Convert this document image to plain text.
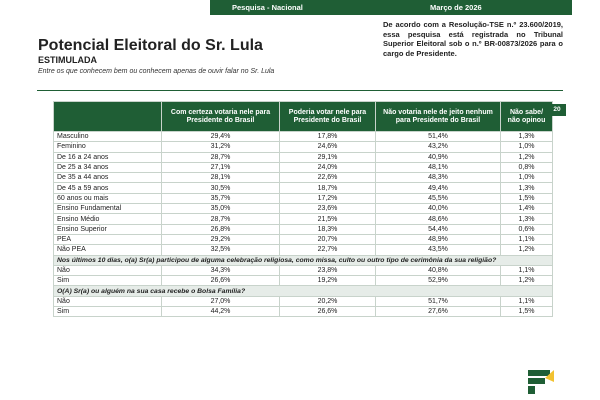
Pesquisa - Nacional	Março de 2026
De acordo com a Resolução-TSE n.º 23.600/2019, essa pesquisa está registrada no Tribunal Superior Eleitoral sob o n.º BR-00873/2026 para o cargo de Presidente.
Potencial Eleitoral do Sr. Lula
ESTIMULADA
Entre os que conhecem bem ou conhecem apenas de ouvir falar no Sr. Lula
	Com certeza votaria nele para Presidente do Brasil	Poderia votar nele para Presidente do Brasil	Não votaria nele de jeito nenhum para Presidente do Brasil	Não sabe/ não opinou
Masculino	29,4%	17,8%	51,4%	1,3%
Feminino	31,2%	24,6%	43,2%	1,0%
De 16 a 24 anos	28,7%	29,1%	40,9%	1,2%
De 25 a 34 anos	27,1%	24,0%	48,1%	0,8%
De 35 a 44 anos	28,1%	22,6%	48,3%	1,0%
De 45 a 59 anos	30,5%	18,7%	49,4%	1,3%
60 anos ou mais	35,7%	17,2%	45,5%	1,5%
Ensino Fundamental	35,0%	23,6%	40,0%	1,4%
Ensino Médio	28,7%	21,5%	48,6%	1,3%
Ensino Superior	26,8%	18,3%	54,4%	0,6%
PEA	29,2%	20,7%	48,9%	1,1%
Não PEA	32,5%	22,7%	43,5%	1,2%
Nos últimos 10 dias, o(a) Sr(a) participou de alguma celebração religiosa, como missa, culto ou outro tipo de cerimônia da sua religião?				
Não	34,3%	23,8%	40,8%	1,1%
Sim	26,6%	19,2%	52,9%	1,2%
O(A) Sr(a) ou alguém na sua casa recebe o Bolsa Família?				
Não	27,0%	20,2%	51,7%	1,1%
Sim	44,2%	26,6%	27,6%	1,5%
20
